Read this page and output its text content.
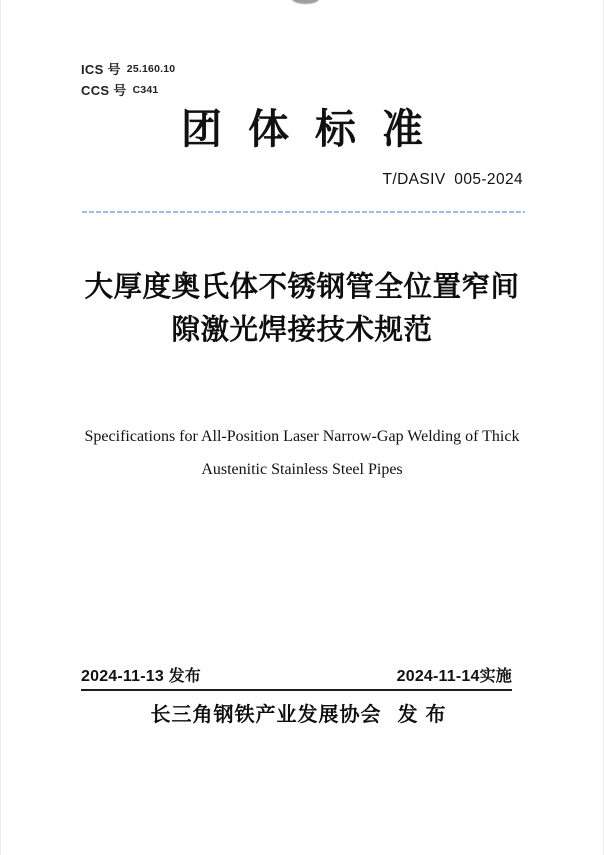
ICS 号 25.160.10
CCS 号 C341
团体标准
T/DASIV 005-2024
大厚度奥氏体不锈钢管全位置窄间
隙激光焊接技术规范
Specifications for All-Position Laser Narrow-Gap Welding of Thick
Austenitic Stainless Steel Pipes
2024-11-13 发布	2024-11-14实施
长三角钢铁产业发展协会 发布
